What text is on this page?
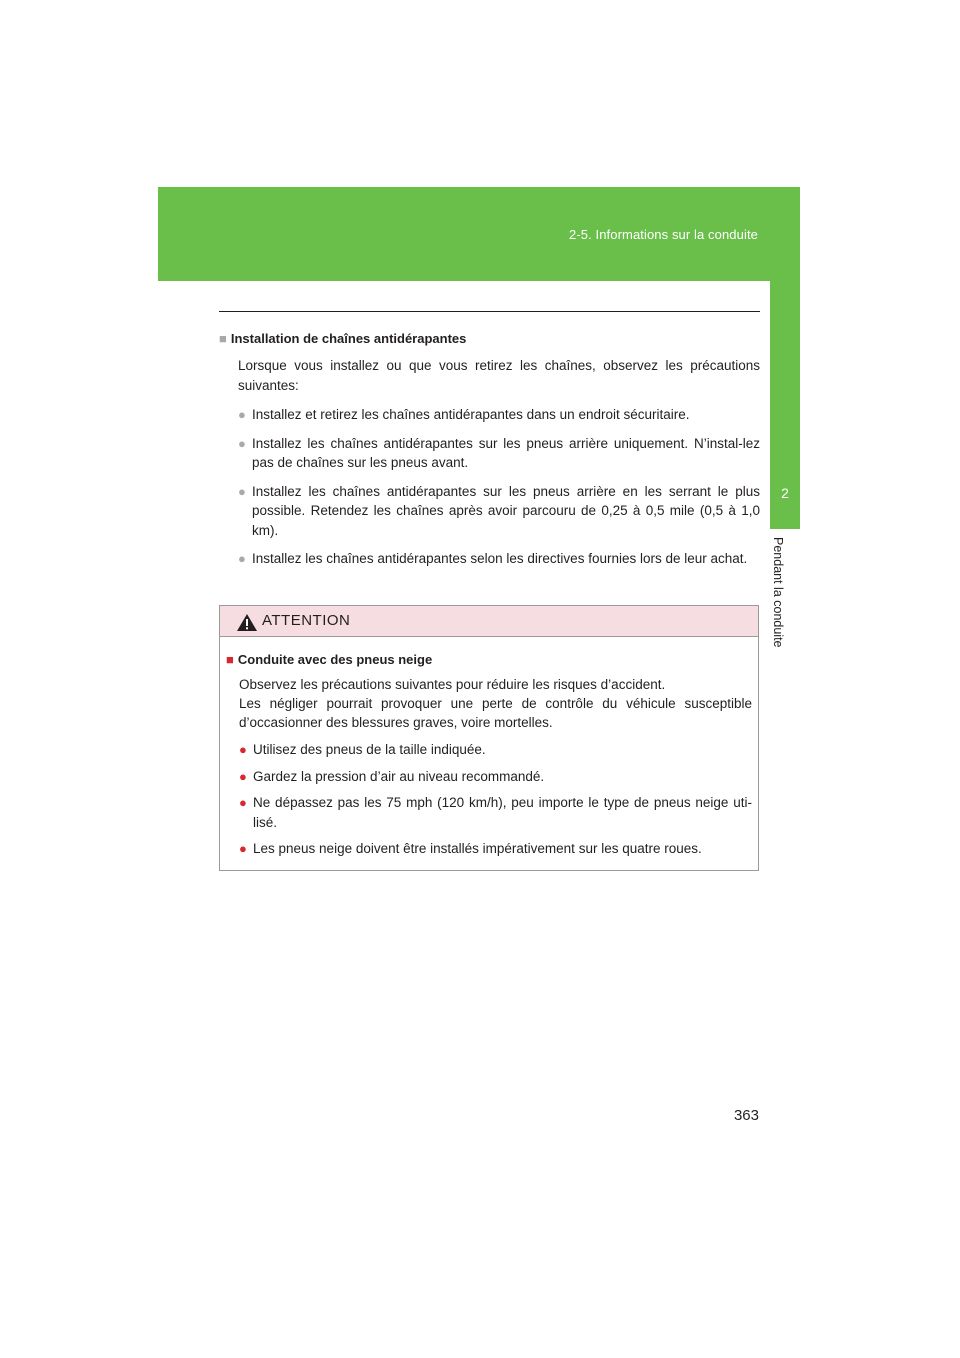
2-5. Informations sur la conduite
2
Pendant la conduite

■ Installation de chaînes antidérapantes

Lorsque vous installez ou que vous retirez les chaînes, observez les précautions suivantes:

● Installez et retirez les chaînes antidérapantes dans un endroit sécuritaire.
● Installez les chaînes antidérapantes sur les pneus arrière uniquement. N’instal-lez pas de chaînes sur les pneus avant.
● Installez les chaînes antidérapantes sur les pneus arrière en les serrant le plus possible. Retendez les chaînes après avoir parcouru de 0,25 à 0,5 mile (0,5 à 1,0 km).
● Installez les chaînes antidérapantes selon les directives fournies lors de leur achat.
ATTENTION

■ Conduite avec des pneus neige

Observez les précautions suivantes pour réduire les risques d’accident.
Les négliger pourrait provoquer une perte de contrôle du véhicule susceptible d’occasionner des blessures graves, voire mortelles.

● Utilisez des pneus de la taille indiquée.
● Gardez la pression d’air au niveau recommandé.
● Ne dépassez pas les 75 mph (120 km/h), peu importe le type de pneus neige uti-lisé.
● Les pneus neige doivent être installés impérativement sur les quatre roues.
363
